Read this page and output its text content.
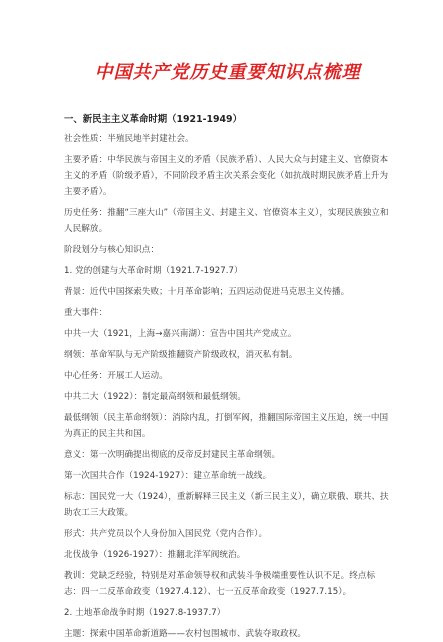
中国共产党历史重要知识点梳理
一、新民主主义革命时期（1921-1949）

社会性质：半殖民地半封建社会。

主要矛盾：中华民族与帝国主义的矛盾（民族矛盾）、人民大众与封建主义、官僚资本主义的矛盾（阶级矛盾），不同阶段矛盾主次关系会变化（如抗战时期民族矛盾上升为主要矛盾）。

历史任务：推翻“三座大山”（帝国主义、封建主义、官僚资本主义），实现民族独立和人民解放。

阶段划分与核心知识点：

1. 党的创建与大革命时期（1921.7-1927.7）

背景：近代中国探索失败；十月革命影响；五四运动促进马克思主义传播。

重大事件：

中共一大（1921，上海→嘉兴南湖）：宣告中国共产党成立。

纲领：革命军队与无产阶级推翻资产阶级政权，消灭私有制。

中心任务：开展工人运动。

中共二大（1922）：制定最高纲领和最低纲领。

最低纲领（民主革命纲领）：消除内乱，打倒军阀，推翻国际帝国主义压迫，统一中国为真正的民主共和国。

意义：第一次明确提出彻底的反帝反封建民主革命纲领。

第一次国共合作（1924-1927）：建立革命统一战线。

标志：国民党一大（1924），重新解释三民主义（新三民主义），确立联俄、联共、扶助农工三大政策。

形式：共产党员以个人身份加入国民党（党内合作）。

北伐战争（1926-1927）：推翻北洋军阀统治。

教训：党缺乏经验，特别是对革命领导权和武装斗争极端重要性认识不足。终点标志：四一二反革命政变（1927.4.12）、七一五反革命政变（1927.7.15）。

2. 土地革命战争时期（1927.8-1937.7）

主题：探索中国革命新道路——农村包围城市、武装夺取政权。
